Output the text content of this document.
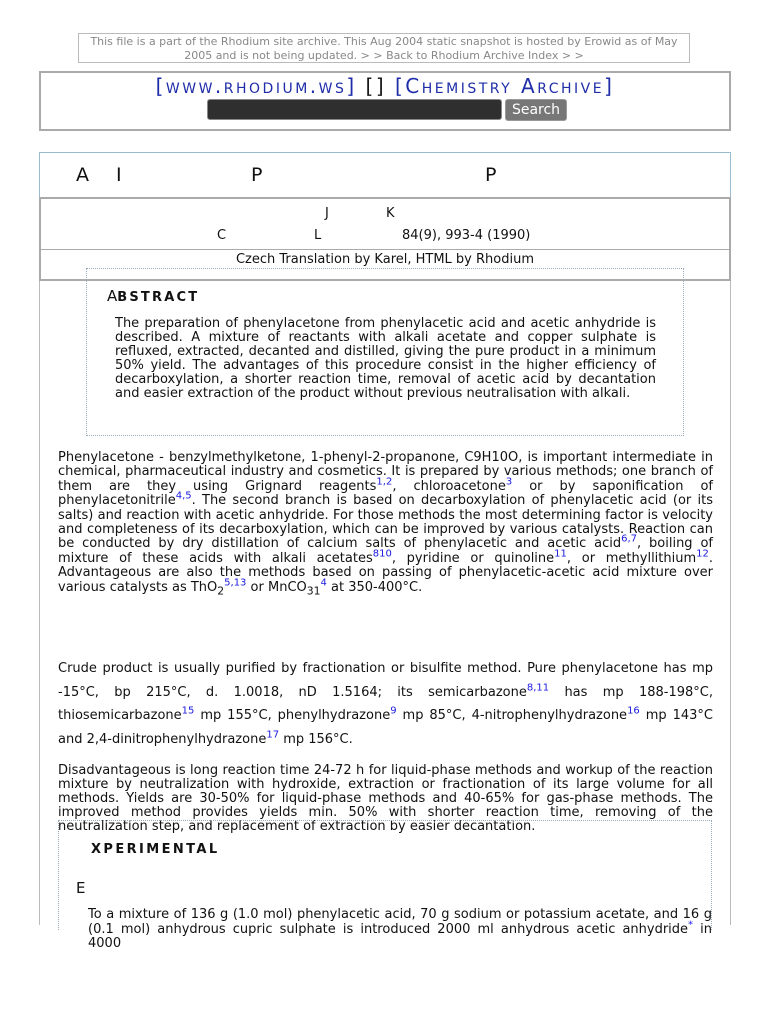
This file is a part of the Rhodium site archive. This Aug 2004 static snapshot is hosted by Erowid as of May 2005 and is not being updated. > > Back to Rhodium Archive Index > >
[www.rhodium.ws] [] [Chemistry Archive]
Search
A I	P	P
J	K
C	L	84(9), 993-4 (1990)
Czech Translation by Karel, HTML by Rhodium
ABSTRACT
The preparation of phenylacetone from phenylacetic acid and acetic anhydride is described. A mixture of reactants with alkali acetate and copper sulphate is refluxed, extracted, decanted and distilled, giving the pure product in a minimum 50% yield. The advantages of this procedure consist in the higher efficiency of decarboxylation, a shorter reaction time, removal of acetic acid by decantation and easier extraction of the product without previous neutralisation with alkali.
Phenylacetone - benzylmethylketone, 1-phenyl-2-propanone, C9H10O, is important intermediate in chemical, pharmaceutical industry and cosmetics. It is prepared by various methods; one branch of them are they using Grignard reagents$^{1,2}$, chloroacetone$^3$ or by saponification of phenylacetonitrile$^{4,5}$. The second branch is based on decarboxylation of phenylacetic acid (or its salts) and reaction with acetic anhydride. For those methods the most determining factor is velocity and completeness of its decarboxylation, which can be improved by various catalysts. Reaction can be conducted by dry distillation of calcium salts of phenylacetic and acetic acid$^{6,7}$, boiling of mixture of these acids with alkali acetates$^{810}$, pyridine or quinoline$^{11}$, or methyllithium$^{12}$. Advantageous are also the methods based on passing of phenylacetic-acetic acid mixture over various catalysts as ThO$_2^{5,13}$ or MnCO$_{31}^4$ at 350-400°C.
Crude product is usually purified by fractionation or bisulfite method. Pure phenylacetone has mp -15°C, bp 215°C, d. 1.0018, nD 1.5164; its semicarbazone$^{8,11}$ has mp 188-198°C, thiosemicarbazone$^{15}$ mp 155°C, phenylhydrazone$^9$ mp 85°C, 4-nitrophenylhydrazone$^{16}$ mp 143°C and 2,4-dinitrophenylhydrazone$^{17}$ mp 156°C.
Disadvantageous is long reaction time 24-72 h for liquid-phase methods and workup of the reaction mixture by neutralization with hydroxide, extraction or fractionation of its large volume for all methods. Yields are 30-50% for liquid-phase methods and 40-65% for gas-phase methods. The improved method provides yields min. 50% with shorter reaction time, removing of the neutralization step, and replacement of extraction by easier decantation.
XPERIMENTAL
E
To a mixture of 136 g (1.0 mol) phenylacetic acid, 70 g sodium or potassium acetate, and 16 g (0.1 mol) anhydrous cupric sulphate is introduced 2000 ml anhydrous acetic anhydride* in 4000
